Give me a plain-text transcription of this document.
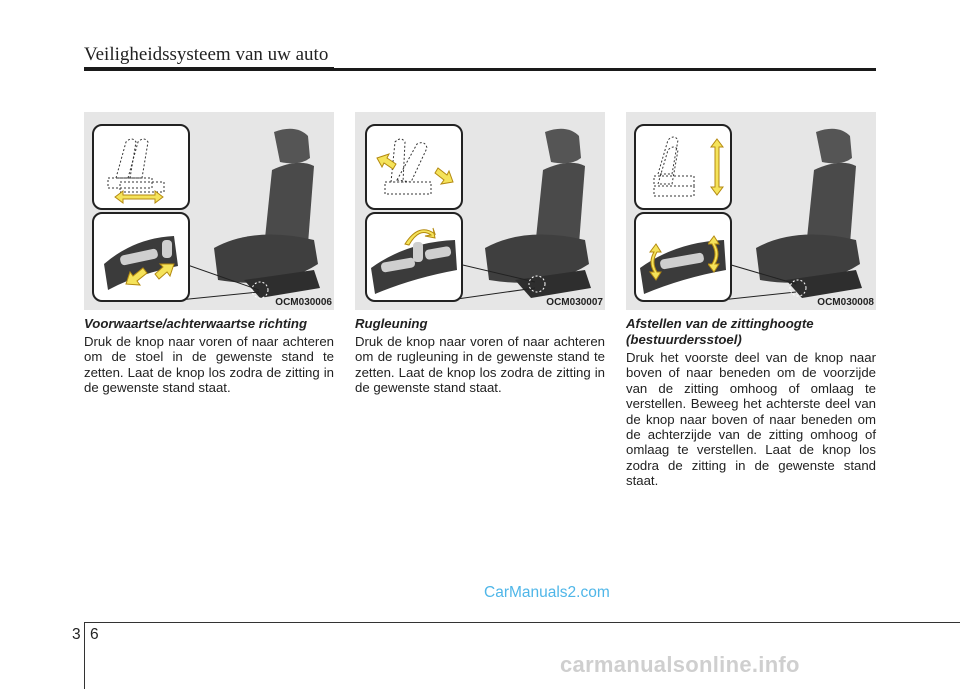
Veiligheidssysteem van uw auto
OCM030006	OCM030007	OCM030008
Voorwaartse/achterwaartse richting
Druk de knop naar voren of naar achteren om de stoel in de gewenste stand te zetten. Laat de knop los zodra de zitting in de gewenste stand staat.
Rugleuning
Druk de knop naar voren of naar achteren om de rugleuning in de gewenste stand te zetten. Laat de knop los zodra de zitting in de gewenste stand staat.
Afstellen van de zittinghoogte (bestuurdersstoel)
Druk het voorste deel van de knop naar boven of naar beneden om de voorzijde van de zitting omhoog of omlaag te verstellen. Beweeg het achterste deel van de knop naar boven of naar beneden om de achterzijde van de zitting omhoog of omlaag te verstellen. Laat de knop los zodra de zitting in de gewenste stand staat.
CarManuals2.com
3 6
carmanualsonline.info
